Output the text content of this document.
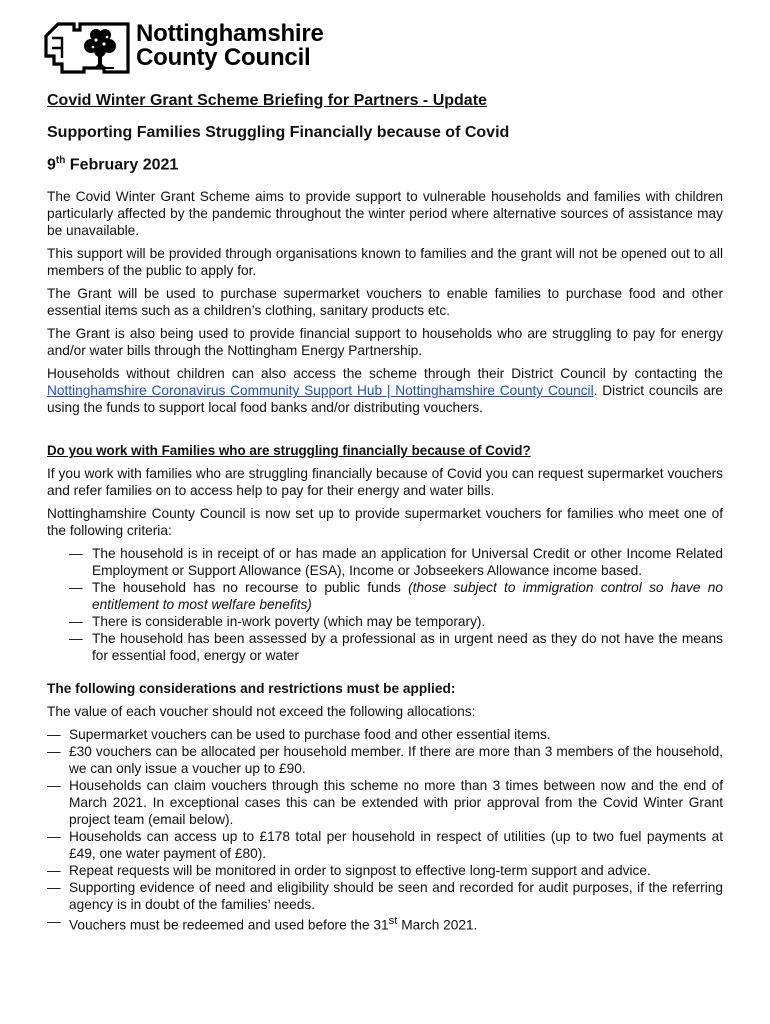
Nottinghamshire
County Council
Covid Winter Grant Scheme Briefing for Partners - Update
Supporting Families Struggling Financially because of Covid
9th February 2021

The Covid Winter Grant Scheme aims to provide support to vulnerable households and families with children particularly affected by the pandemic throughout the winter period where alternative sources of assistance may be unavailable.

This support will be provided through organisations known to families and the grant will not be opened out to all members of the public to apply for.

The Grant will be used to purchase supermarket vouchers to enable families to purchase food and other essential items such as a children’s clothing, sanitary products etc.

The Grant is also being used to provide financial support to households who are struggling to pay for energy and/or water bills through the Nottingham Energy Partnership.

Households without children can also access the scheme through their District Council by contacting the Nottinghamshire Coronavirus Community Support Hub | Nottinghamshire County Council. District councils are using the funds to support local food banks and/or distributing vouchers.

Do you work with Families who are struggling financially because of Covid?

If you work with families who are struggling financially because of Covid you can request supermarket vouchers and refer families on to access help to pay for their energy and water bills.

Nottinghamshire County Council is now set up to provide supermarket vouchers for families who meet one of the following criteria:

— The household is in receipt of or has made an application for Universal Credit or other Income Related Employment or Support Allowance (ESA), Income or Jobseekers Allowance income based.
— The household has no recourse to public funds (those subject to immigration control so have no entitlement to most welfare benefits)
— There is considerable in-work poverty (which may be temporary).
— The household has been assessed by a professional as in urgent need as they do not have the means for essential food, energy or water
The following considerations and restrictions must be applied:

The value of each voucher should not exceed the following allocations:

— Supermarket vouchers can be used to purchase food and other essential items.
— £30 vouchers can be allocated per household member. If there are more than 3 members of the household, we can only issue a voucher up to £90.
— Households can claim vouchers through this scheme no more than 3 times between now and the end of March 2021. In exceptional cases this can be extended with prior approval from the Covid Winter Grant project team (email below).
— Households can access up to £178 total per household in respect of utilities (up to two fuel payments at £49, one water payment of £80).
— Repeat requests will be monitored in order to signpost to effective long-term support and advice.
— Supporting evidence of need and eligibility should be seen and recorded for audit purposes, if the referring agency is in doubt of the families’ needs.
— Vouchers must be redeemed and used before the 31st March 2021.
